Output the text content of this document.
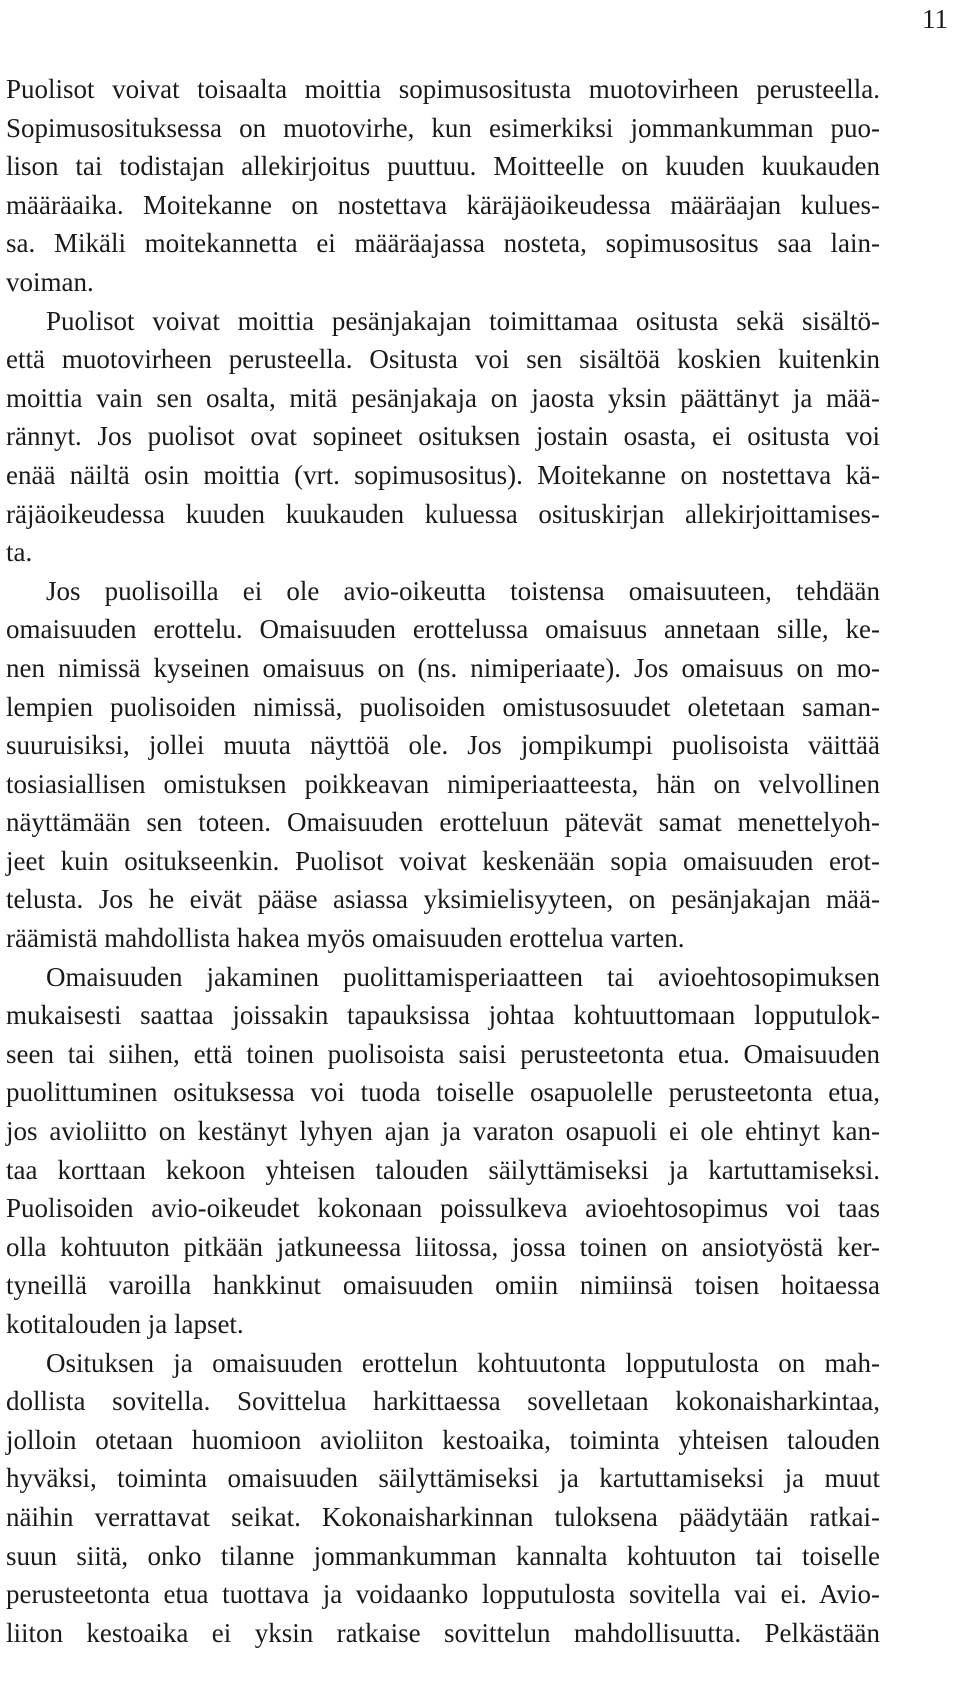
11
Puolisot voivat toisaalta moittia sopimusositusta muotovirheen perusteella.
Sopimusosituksessa on muotovirhe, kun esimerkiksi jommankumman puo-
lison tai todistajan allekirjoitus puuttuu. Moitteelle on kuuden kuukauden
määräaika. Moitekanne on nostettava käräjäoikeudessa määräajan kulues-
sa. Mikäli moitekannetta ei määräajassa nosteta, sopimusositus saa lain-
voiman.
Puolisot voivat moittia pesänjakajan toimittamaa ositusta sekä sisältö-
että muotovirheen perusteella. Ositusta voi sen sisältöä koskien kuitenkin
moittia vain sen osalta, mitä pesänjakaja on jaosta yksin päättänyt ja mää-
rännyt. Jos puolisot ovat sopineet osituksen jostain osasta, ei ositusta voi
enää näiltä osin moittia (vrt. sopimusositus). Moitekanne on nostettava kä-
räjäoikeudessa kuuden kuukauden kuluessa osituskirjan allekirjoittamises-
ta.
Jos puolisoilla ei ole avio-oikeutta toistensa omaisuuteen, tehdään
omaisuuden erottelu. Omaisuuden erottelussa omaisuus annetaan sille, ke-
nen nimissä kyseinen omaisuus on (ns. nimiperiaate). Jos omaisuus on mo-
lempien puolisoiden nimissä, puolisoiden omistusosuudet oletetaan saman-
suuruisiksi, jollei muuta näyttöä ole. Jos jompikumpi puolisoista väittää
tosiasiallisen omistuksen poikkeavan nimiperiaatteesta, hän on velvollinen
näyttämään sen toteen. Omaisuuden erotteluun pätevät samat menettelyoh-
jeet kuin ositukseenkin. Puolisot voivat keskenään sopia omaisuuden erot-
telusta. Jos he eivät pääse asiassa yksimielisyyteen, on pesänjakajan mää-
räämistä mahdollista hakea myös omaisuuden erottelua varten.
Omaisuuden jakaminen puolittamisperiaatteen tai avioehtosopimuksen
mukaisesti saattaa joissakin tapauksissa johtaa kohtuuttomaan lopputulok-
seen tai siihen, että toinen puolisoista saisi perusteetonta etua. Omaisuuden
puolittuminen osituksessa voi tuoda toiselle osapuolelle perusteetonta etua,
jos avioliitto on kestänyt lyhyen ajan ja varaton osapuoli ei ole ehtinyt kan-
taa korttaan kekoon yhteisen talouden säilyttämiseksi ja kartuttamiseksi.
Puolisoiden avio-oikeudet kokonaan poissulkeva avioehtosopimus voi taas
olla kohtuuton pitkään jatkuneessa liitossa, jossa toinen on ansiotyöstä ker-
tyneillä varoilla hankkinut omaisuuden omiin nimiinsä toisen hoitaessa
kotitalouden ja lapset.
Osituksen ja omaisuuden erottelun kohtuutonta lopputulosta on mah-
dollista sovitella. Sovittelua harkittaessa sovelletaan kokonaisharkintaa,
jolloin otetaan huomioon avioliiton kestoaika, toiminta yhteisen talouden
hyväksi, toiminta omaisuuden säilyttämiseksi ja kartuttamiseksi ja muut
näihin verrattavat seikat. Kokonaisharkinnan tuloksena päädytään ratkai-
suun siitä, onko tilanne jommankumman kannalta kohtuuton tai toiselle
perusteetonta etua tuottava ja voidaanko lopputulosta sovitella vai ei. Avio-
liiton kestoaika ei yksin ratkaise sovittelun mahdollisuutta. Pelkästään
